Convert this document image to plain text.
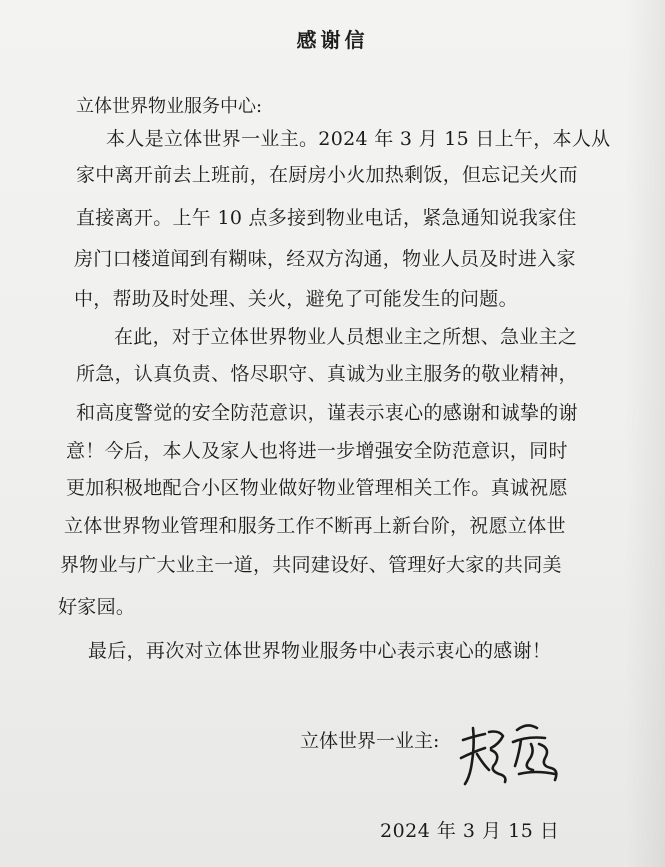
感谢信
立体世界物业服务中心:
本人是立体世界一业主。2024 年 3 月 15 日上午，本人从
家中离开前去上班前，在厨房小火加热剩饭，但忘记关火而
直接离开。上午 10 点多接到物业电话，紧急通知说我家住
房门口楼道闻到有糊味，经双方沟通，物业人员及时进入家
中，帮助及时处理、关火，避免了可能发生的问题。
在此，对于立体世界物业人员想业主之所想、急业主之
所急，认真负责、恪尽职守、真诚为业主服务的敬业精神，
和高度警觉的安全防范意识，谨表示衷心的感谢和诚挚的谢
意！今后，本人及家人也将进一步增强安全防范意识，同时
更加积极地配合小区物业做好物业管理相关工作。真诚祝愿
立体世界物业管理和服务工作不断再上新台阶，祝愿立体世
界物业与广大业主一道，共同建设好、管理好大家的共同美
好家园。
最后，再次对立体世界物业服务中心表示衷心的感谢！
立体世界一业主:
2024 年 3 月 15 日
